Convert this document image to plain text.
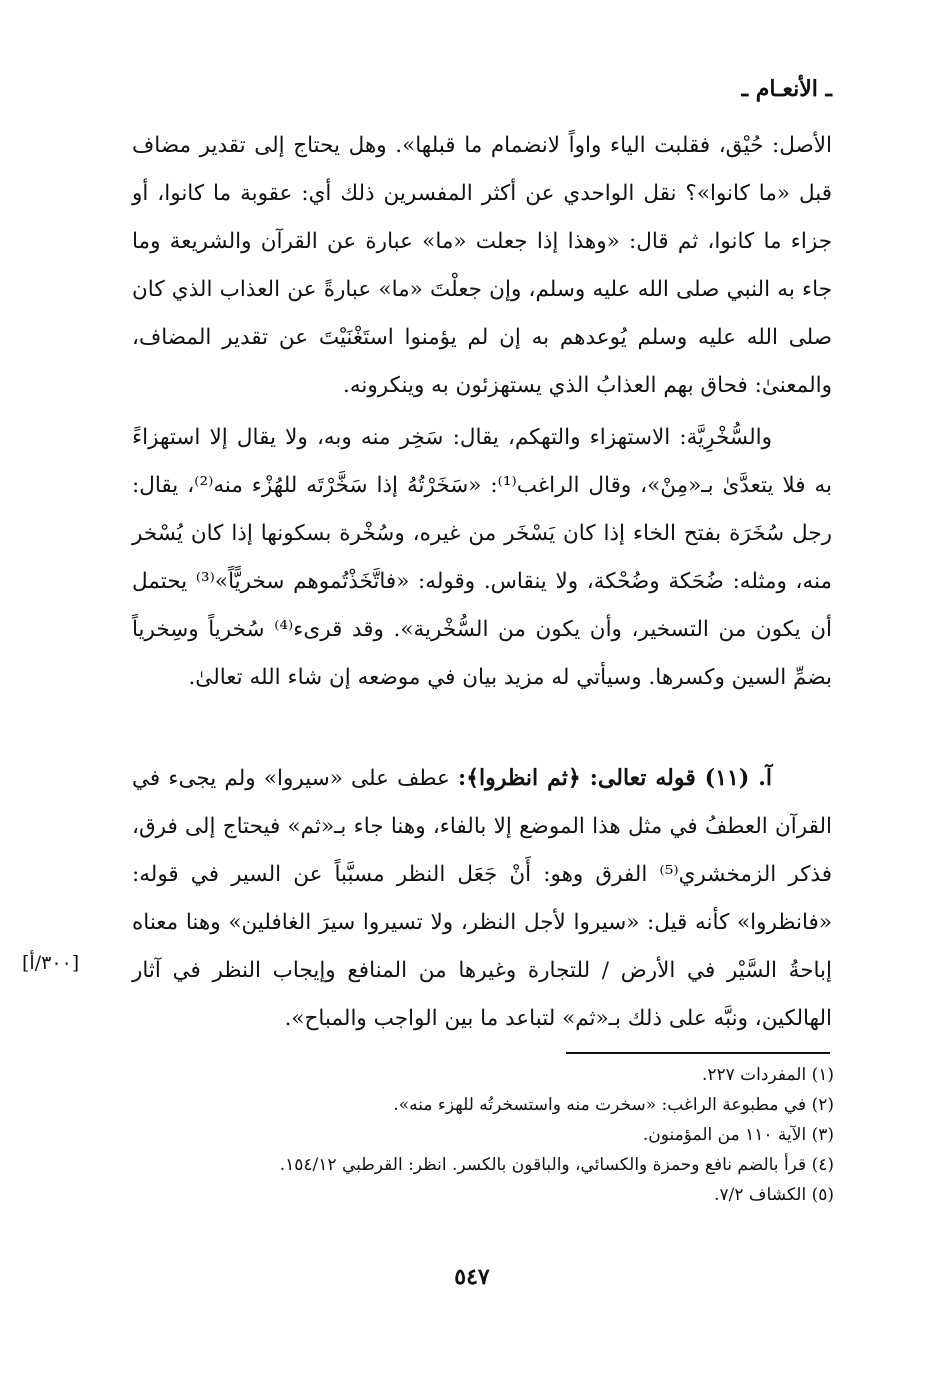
ـ الأنعـام ـ
الأصل: حُيْق، فقلبت الياء واواً لانضمام ما قبلها». وهل يحتاج إلى تقدير مضاف قبل «ما كانوا»؟ نقل الواحدي عن أكثر المفسرين ذلك أي: عقوبة ما كانوا، أو جزاء ما كانوا، ثم قال: «وهذا إذا جعلت «ما» عبارة عن القرآن والشريعة وما جاء به النبي صلى الله عليه وسلم، وإن جعلْتَ «ما» عبارةً عن العذاب الذي كان صلى الله عليه وسلم يُوعدهم به إن لم يؤمنوا استَغْنَيْتَ عن تقدير المضاف، والمعنىٰ: فحاق بهم العذابُ الذي يستهزئون به وينكرونه.
والسُّخْرِيَّة: الاستهزاء والتهكم، يقال: سَخِر منه وبه، ولا يقال إلا استهزاءً به فلا يتعدَّىٰ بـ«مِنْ»، وقال الراغب⁽¹⁾: «سَخَرْتُهُ إذا سَخَّرْتَه للهُزْء منه⁽²⁾، يقال: رجل سُخَرَة بفتح الخاء إذا كان يَسْخَر من غيره، وسُخْرة بسكونها إذا كان يُسْخر منه، ومثله: ضُحَكة وضُحْكة، ولا ينقاس. وقوله: «فاتَّخَذْتُموهم سخريًّاً»⁽³⁾ يحتمل أن يكون من التسخير، وأن يكون من السُّخْرية». وقد قرىء⁽⁴⁾ سُخرياً وسِخرياً بضمِّ السين وكسرها. وسيأتي له مزيد بيان في موضعه إن شاء الله تعالىٰ.
آ. (١١) قوله تعالى: ﴿ثم انظروا﴾: عطف على «سيروا» ولم يجىء في القرآن العطفُ في مثل هذا الموضع إلا بالفاء، وهنا جاء بـ«ثم» فيحتاج إلى فرق، فذكر الزمخشري⁽⁵⁾ الفرق وهو: أَنْ جَعَل النظر مسبَّباً عن السير في قوله: «فانظروا» كأنه قيل: «سيروا لأجل النظر، ولا تسيروا سيرَ الغافلين» وهنا معناه إباحةُ السَّيْر في الأرض / للتجارة وغيرها من المنافع وإيجاب النظر في آثار الهالكين، ونبَّه على ذلك بـ«ثم» لتباعد ما بين الواجب والمباح».
[٣٠٠/أ]
(١) المفردات ٢٢٧.
(٢) في مطبوعة الراغب: «سخرت منه واستسخرتُه للهزء منه».
(٣) الآية ١١٠ من المؤمنون.
(٤) قرأ بالضم نافع وحمزة والكسائي، والباقون بالكسر. انظر: القرطبي ١٥٤/١٢.
(٥) الكشاف ٧/٢.
٥٤٧
